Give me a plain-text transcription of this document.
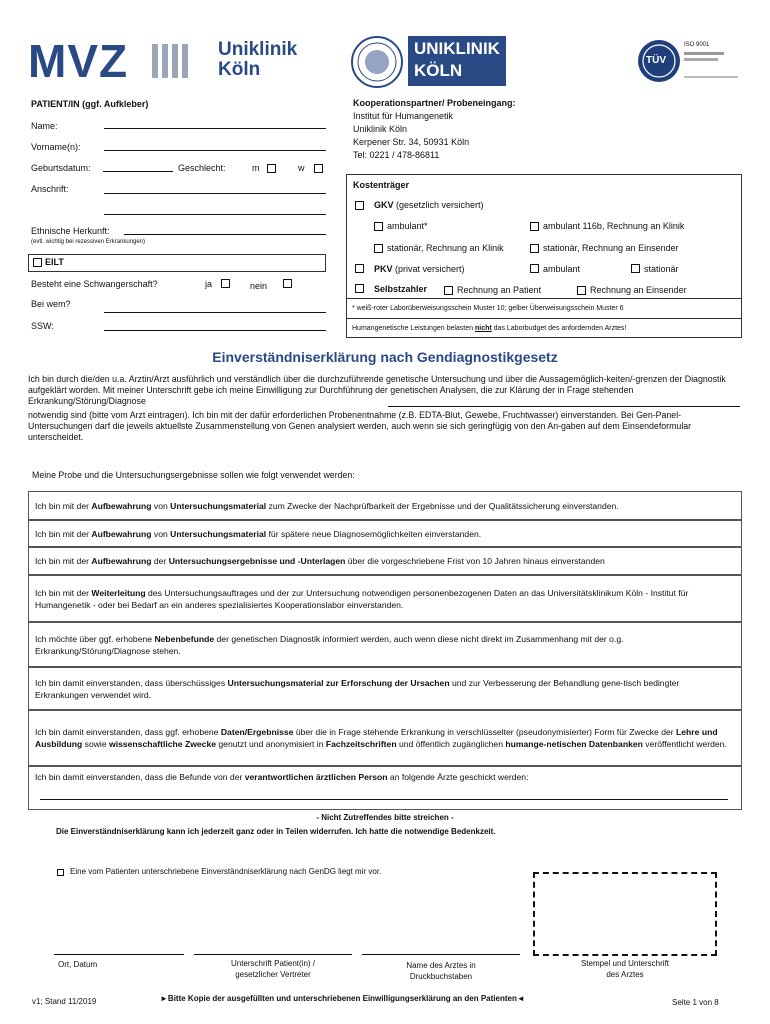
MVZ	Uniklinik
Köln
UNIKLINIK
KÖLN
TÜV
ISO 9001
PATIENT/IN (ggf. Aufkleber)
Name:
Vorname(n):
Geburtsdatum:	Geschlecht:	m	w
Anschrift:
Ethnische Herkunft:
(evtl. wichtig bei rezessiven Erkrankungen)
EILT
Besteht eine Schwangerschaft?	ja	nein
Bei wem?
SSW:
Kooperationspartner/ Probeneingang:
Institut für Humangenetik
Uniklinik Köln
Kerpener Str. 34, 50931 Köln
Tel: 0221 / 478-86811
Kostenträger
GKV (gesetzlich versichert)
ambulant*	ambulant 116b, Rechnung an Klinik
stationär, Rechnung an Klinik	stationär, Rechnung an Einsender
PKV (privat versichert)	ambulant	stationär
Selbstzahler	Rechnung an Patient	Rechnung an Einsender
* weiß-roter Laborüberweisungsschein Muster 10; gelber Überweisungsschein Muster 6
Humangenetische Leistungen belasten nicht das Laborbudget des anfordernden Arztes!
Einverständniserklärung nach Gendiagnostikgesetz
Ich bin durch die/den u.a. Arztin/Arzt ausführlich und verständlich über die durchzuführende genetische Untersuchung und über die Aussagemöglich-keiten/-grenzen der Diagnostik aufgeklärt worden. Mit meiner Unterschrift gebe ich meine Einwilligung zur Durchführung der genetischen Analysen, die zur Klärung der in Frage stehenden Erkrankung/Störung/Diagnose
notwendig sind (bitte vom Arzt eintragen). Ich bin mit der dafür erforderlichen Probenentnahme (z.B. EDTA-Blut, Gewebe, Fruchtwasser) einverstanden. Bei Gen-Panel-Untersuchungen darf die jeweils aktuellste Zusammenstellung von Genen analysiert werden, auch wenn sie sich geringfügig von den An-gaben auf dem Einsendeformular unterscheidet.
Meine Probe und die Untersuchungsergebnisse sollen wie folgt verwendet werden:
Ich bin mit der Aufbewahrung von Untersuchungsmaterial zum Zwecke der Nachprüfbarkeit der Ergebnisse und der Qualitätssicherung einverstanden.
Ich bin mit der Aufbewahrung von Untersuchungsmaterial für spätere neue Diagnosemöglichkeiten einverstanden.
Ich bin mit der Aufbewahrung der Untersuchungsergebnisse und -Unterlagen über die vorgeschriebene Frist von 10 Jahren hinaus einverstanden
Ich bin mit der Weiterleitung des Untersuchungsauftrages und der zur Untersuchung notwendigen personenbezogenen Daten an das Universitätsklinikum Köln - Institut für Humangenetik - oder bei Bedarf an ein anderes spezialisiertes Kooperationslabor einverstanden.
Ich möchte über ggf. erhobene Nebenbefunde der genetischen Diagnostik informiert werden, auch wenn diese nicht direkt im Zusammenhang mit der o.g. Erkrankung/Störung/Diagnose stehen.
Ich bin damit einverstanden, dass überschüssiges Untersuchungsmaterial zur Erforschung der Ursachen und zur Verbesserung der Behandlung gene-tisch bedingter Erkrankungen verwendet wird.
Ich bin damit einverstanden, dass ggf. erhobene Daten/Ergebnisse über die in Frage stehende Erkrankung in verschlüsselter (pseudonymisierter) Form für Zwecke der Lehre und Ausbildung sowie wissenschaftliche Zwecke genutzt und anonymisiert in Fachzeitschriften und öffentlich zugänglichen humange-netischen Datenbanken veröffentlicht werden.
Ich bin damit einverstanden, dass die Befunde von der verantwortlichen ärztlichen Person an folgende Ärzte geschickt werden:
- Nicht Zutreffendes bitte streichen -
Die Einverständniserklärung kann ich jederzeit ganz oder in Teilen widerrufen. Ich hatte die notwendige Bedenkzeit.
Eine vom Patienten unterschriebene Einverständniserklärung nach GenDG liegt mir vor.
Ort, Datum	Unterschrift Patient(in) /
gesetzlicher Vertreter
Name des Arztes in
Druckbuchstaben
Stempel und Unterschrift
des Arztes
v1; Stand 11/2019	►Bitte Kopie der ausgefüllten und unterschriebenen Einwilligungserklärung an den Patienten◄	Seite 1 von 8
